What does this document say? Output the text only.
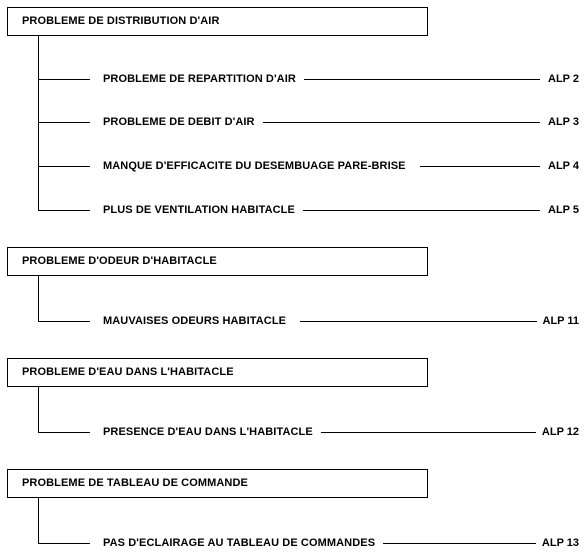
PROBLEME DE DISTRIBUTION D'AIR
PROBLEME DE REPARTITION D'AIR	ALP 2
PROBLEME DE DEBIT D'AIR	ALP 3
MANQUE D'EFFICACITE DU DESEMBUAGE PARE-BRISE	ALP 4
PLUS DE VENTILATION HABITACLE	ALP 5
PROBLEME D'ODEUR D'HABITACLE
MAUVAISES ODEURS HABITACLE	ALP 11
PROBLEME D'EAU DANS L'HABITACLE
PRESENCE D'EAU DANS L'HABITACLE	ALP 12
PROBLEME DE TABLEAU DE COMMANDE
PAS D'ECLAIRAGE AU TABLEAU DE COMMANDES	ALP 13
